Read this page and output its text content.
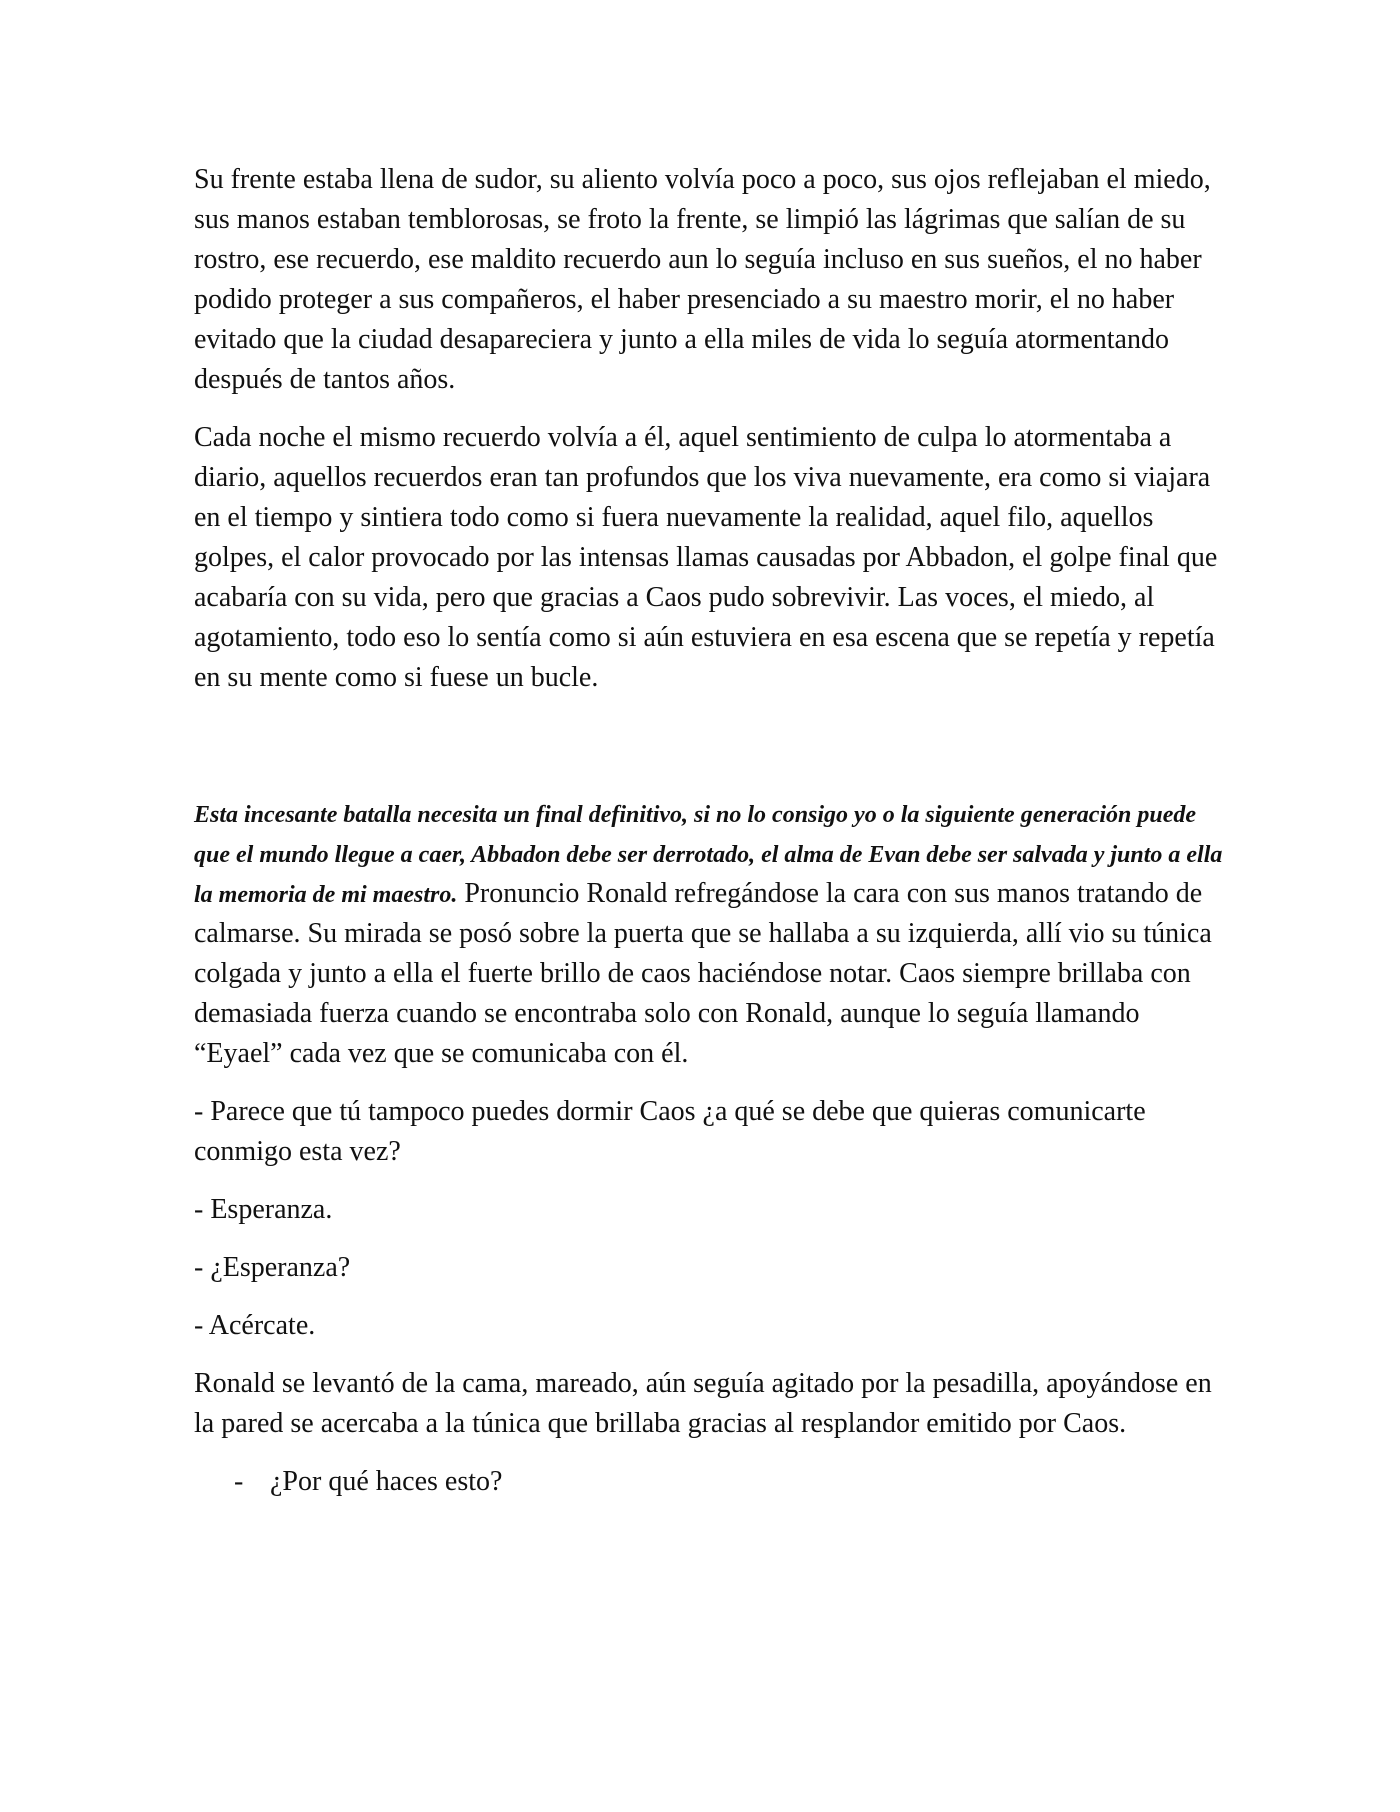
Su frente estaba llena de sudor, su aliento volvía poco a poco, sus ojos reflejaban el miedo, sus manos estaban temblorosas, se froto la frente, se limpió las lágrimas que salían de su rostro, ese recuerdo, ese maldito recuerdo aun lo seguía incluso en sus sueños, el no haber podido proteger a sus compañeros, el haber presenciado a su maestro morir, el no haber evitado que la ciudad desapareciera y junto a ella miles de vida lo seguía atormentando después de tantos años.

Cada noche el mismo recuerdo volvía a él, aquel sentimiento de culpa lo atormentaba a diario, aquellos recuerdos eran tan profundos que los viva nuevamente, era como si viajara en el tiempo y sintiera todo como si fuera nuevamente la realidad, aquel filo, aquellos golpes, el calor provocado por las intensas llamas causadas por Abbadon, el golpe final que acabaría con su vida, pero que gracias a Caos pudo sobrevivir. Las voces, el miedo, al agotamiento, todo eso lo sentía como si aún estuviera en esa escena que se repetía y repetía en su mente como si fuese un bucle.

Esta incesante batalla necesita un final definitivo, si no lo consigo yo o la siguiente generación puede que el mundo llegue a caer, Abbadon debe ser derrotado, el alma de Evan debe ser salvada y junto a ella la memoria de mi maestro. Pronuncio Ronald refregándose la cara con sus manos tratando de calmarse. Su mirada se posó sobre la puerta que se hallaba a su izquierda, allí vio su túnica colgada y junto a ella el fuerte brillo de caos haciéndose notar. Caos siempre brillaba con demasiada fuerza cuando se encontraba solo con Ronald, aunque lo seguía llamando “Eyael” cada vez que se comunicaba con él.

- Parece que tú tampoco puedes dormir Caos ¿a qué se debe que quieras comunicarte conmigo esta vez?

- Esperanza.

- ¿Esperanza?

- Acércate.

Ronald se levantó de la cama, mareado, aún seguía agitado por la pesadilla, apoyándose en la pared se acercaba a la túnica que brillaba gracias al resplandor emitido por Caos.

- ¿Por qué haces esto?
